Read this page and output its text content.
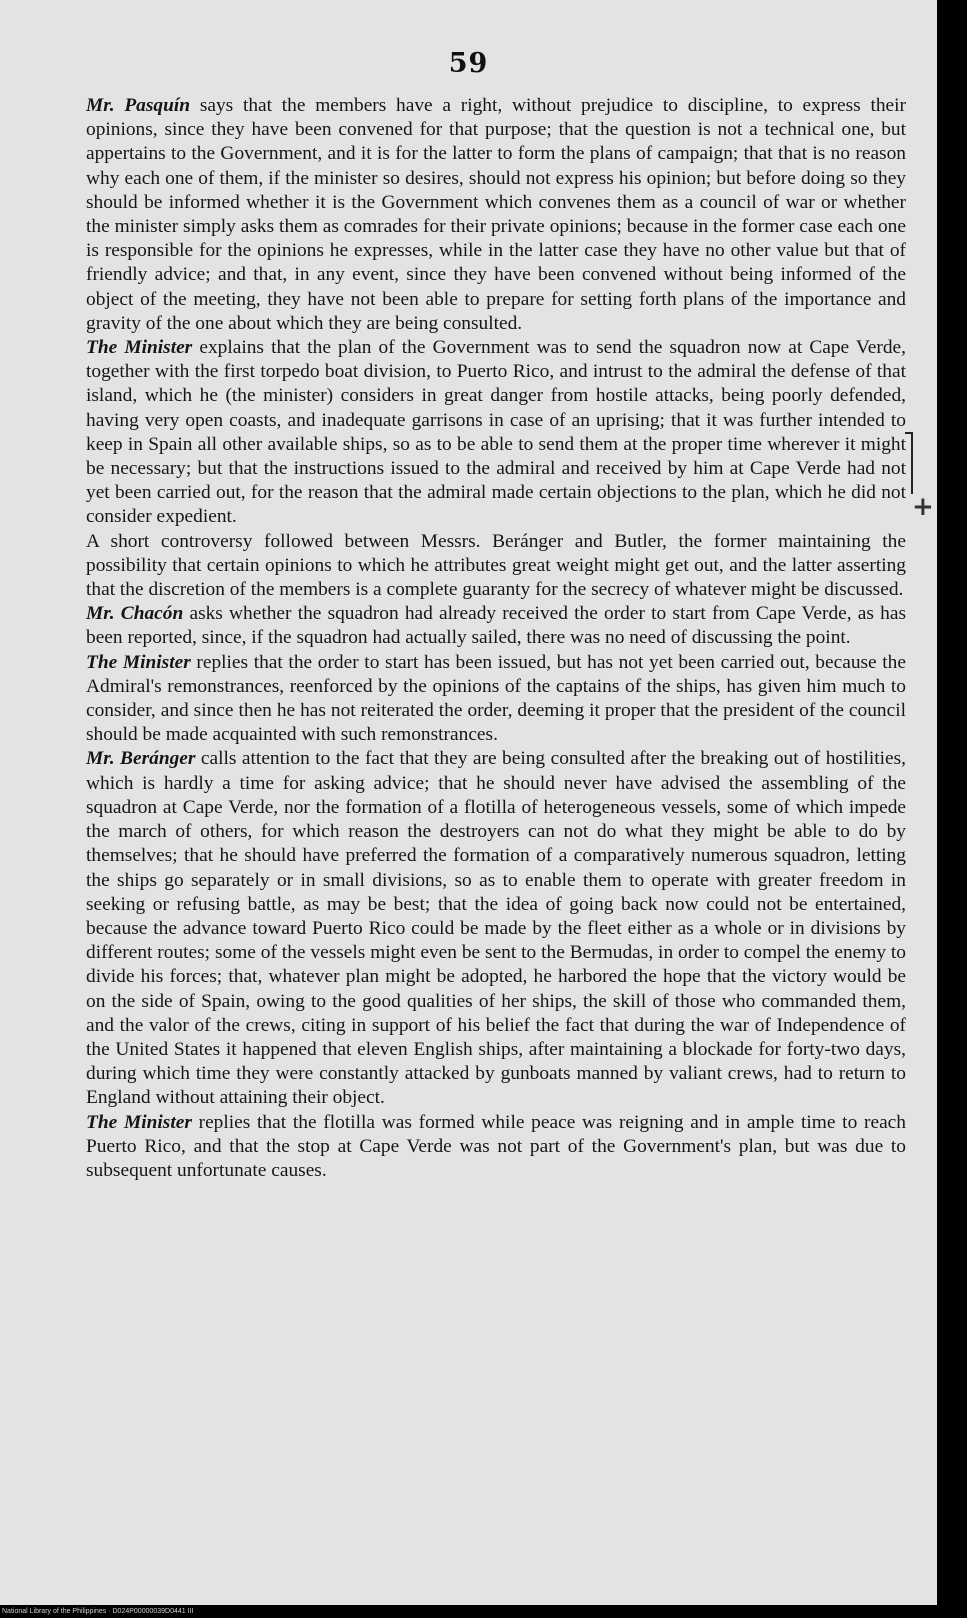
59

Mr. Pasquín says that the members have a right, without prejudice to discipline, to express their opinions, since they have been convened for that purpose; that the question is not a technical one, but appertains to the Government, and it is for the latter to form the plans of campaign; that that is no reason why each one of them, if the minister so desires, should not express his opinion; but before doing so they should be informed whether it is the Government which convenes them as a council of war or whether the minister simply asks them as comrades for their private opinions; because in the former case each one is responsible for the opinions he expresses, while in the latter case they have no other value but that of friendly advice; and that, in any event, since they have been convened without being informed of the object of the meeting, they have not been able to prepare for setting forth plans of the importance and gravity of the one about which they are being consulted.

The Minister explains that the plan of the Government was to send the squadron now at Cape Verde, together with the first torpedo boat division, to Puerto Rico, and intrust to the admiral the defense of that island, which he (the minister) considers in great danger from hostile attacks, being poorly defended, having very open coasts, and inadequate garrisons in case of an uprising; that it was further intended to keep in Spain all other available ships, so as to be able to send them at the proper time wherever it might be necessary; but that the instructions issued to the admiral and received by him at Cape Verde had not yet been carried out, for the reason that the admiral made certain objections to the plan, which he did not consider expedient.

A short controversy followed between Messrs. Beránger and Butler, the former maintaining the possibility that certain opinions to which he attributes great weight might get out, and the latter asserting that the discretion of the members is a complete guaranty for the secrecy of whatever might be discussed.

Mr. Chacón asks whether the squadron had already received the order to start from Cape Verde, as has been reported, since, if the squadron had actually sailed, there was no need of discussing the point.

The Minister replies that the order to start has been issued, but has not yet been carried out, because the Admiral's remonstrances, reenforced by the opinions of the captains of the ships, has given him much to consider, and since then he has not reiterated the order, deeming it proper that the president of the council should be made acquainted with such remonstrances.

Mr. Beránger calls attention to the fact that they are being consulted after the breaking out of hostilities, which is hardly a time for asking advice; that he should never have advised the assembling of the squadron at Cape Verde, nor the formation of a flotilla of heterogeneous vessels, some of which impede the march of others, for which reason the destroyers can not do what they might be able to do by themselves; that he should have preferred the formation of a comparatively numerous squadron, letting the ships go separately or in small divisions, so as to enable them to operate with greater freedom in seeking or refusing battle, as may be best; that the idea of going back now could not be entertained, because the advance toward Puerto Rico could be made by the fleet either as a whole or in divisions by different routes; some of the vessels might even be sent to the Bermudas, in order to compel the enemy to divide his forces; that, whatever plan might be adopted, he harbored the hope that the victory would be on the side of Spain, owing to the good qualities of her ships, the skill of those who commanded them, and the valor of the crews, citing in support of his belief the fact that during the war of Independence of the United States it happened that eleven English ships, after maintaining a blockade for forty-two days, during which time they were constantly attacked by gunboats manned by valiant crews, had to return to England without attaining their object.

The Minister replies that the flotilla was formed while peace was reigning and in ample time to reach Puerto Rico, and that the stop at Cape Verde was not part of the Government's plan, but was due to subsequent unfortunate causes.

+
National Library of the Philippines · D024P00000039D0441 III
